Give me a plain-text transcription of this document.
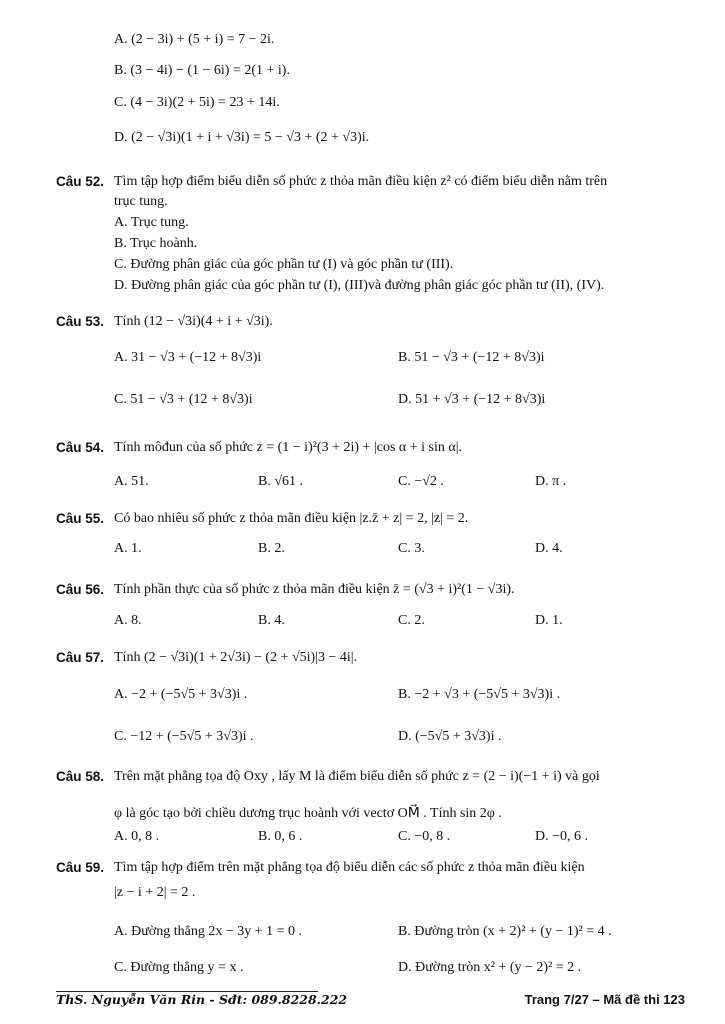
A. (2 − 3i) + (5 + i) = 7 − 2i.
B. (3 − 4i) − (1 − 6i) = 2(1 + i).
C. (4 − 3i)(2 + 5i) = 23 + 14i.
D. (2 − √3i)(1 + i + √3i) = 5 − √3 + (2 + √3)i.
Câu 52. Tìm tập hợp điểm biểu diễn số phức z thỏa mãn điều kiện z² có điểm biểu diễn nằm trên
trục tung.
A. Trục tung.
B. Trục hoành.
C. Đường phân giác của góc phần tư (I) và góc phần tư (III).
D. Đường phân giác của góc phần tư (I), (III)và đường phân giác góc phần tư (II), (IV).
Câu 53. Tính (12 − √3i)(4 + i + √3i).
A. 31 − √3 + (−12 + 8√3)i	B. 51 − √3 + (−12 + 8√3)i
C. 51 − √3 + (12 + 8√3)i	D. 51 + √3 + (−12 + 8√3)i
Câu 54. Tính môđun của số phức z = (1 − i)²(3 + 2i) + |cos α + i sin α|.
A. 51.	B. √61 .	C. −√2 .	D. π .
Câu 55. Có bao nhiêu số phức z thỏa mãn điều kiện |z.z̄ + z| = 2, |z| = 2.
A. 1.	B. 2.	C. 3.	D. 4.
Câu 56. Tính phần thực của số phức z thỏa mãn điều kiện z̄ = (√3 + i)²(1 − √3i).
A. 8.	B. 4.	C. 2.	D. 1.
Câu 57. Tính (2 − √3i)(1 + 2√3i) − (2 + √5i)|3 − 4i|.
A. −2 + (−5√5 + 3√3)i .	B. −2 + √3 + (−5√5 + 3√3)i .
C. −12 + (−5√5 + 3√3)i .	D. (−5√5 + 3√3)i .
Câu 58. Trên mặt phẳng tọa độ Oxy , lấy M là điểm biểu diễn số phức z = (2 − i)(−1 + i) và gọi
φ là góc tạo bởi chiều dương trục hoành với vectơ OM⃗ . Tính sin 2φ .
A. 0, 8 .	B. 0, 6 .	C. −0, 8 .	D. −0, 6 .
Câu 59. Tìm tập hợp điểm trên mặt phẳng tọa độ biểu diễn các số phức z thỏa mãn điều kiện
|z − i + 2| = 2 .
A. Đường thẳng 2x − 3y + 1 = 0 .	B. Đường tròn (x + 2)² + (y − 1)² = 4 .
C. Đường thẳng y = x .	D. Đường tròn x² + (y − 2)² = 2 .
ThS. Nguyễn Văn Rin - Sđt: 089.8228.222	Trang 7/27 – Mã đề thi 123
